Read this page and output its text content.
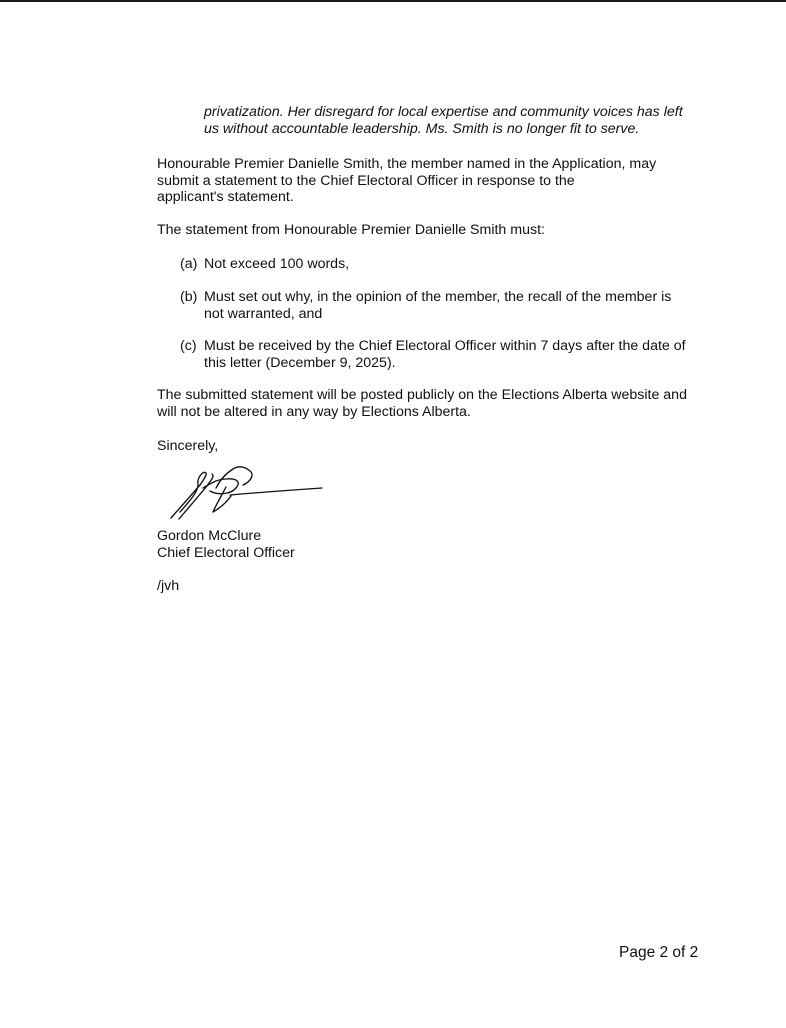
privatization. Her disregard for local expertise and community voices has left
us without accountable leadership. Ms. Smith is no longer fit to serve.
Honourable Premier Danielle Smith, the member named in the Application, may
submit a statement to the Chief Electoral Officer in response to the
applicant's statement.
The statement from Honourable Premier Danielle Smith must:
(a) Not exceed 100 words,
(b) Must set out why, in the opinion of the member, the recall of the member is
not warranted, and
(c) Must be received by the Chief Electoral Officer within 7 days after the date of
this letter (December 9, 2025).
The submitted statement will be posted publicly on the Elections Alberta website and
will not be altered in any way by Elections Alberta.
Sincerely,
Gordon McClure
Chief Electoral Officer
/jvh
Page 2 of 2
